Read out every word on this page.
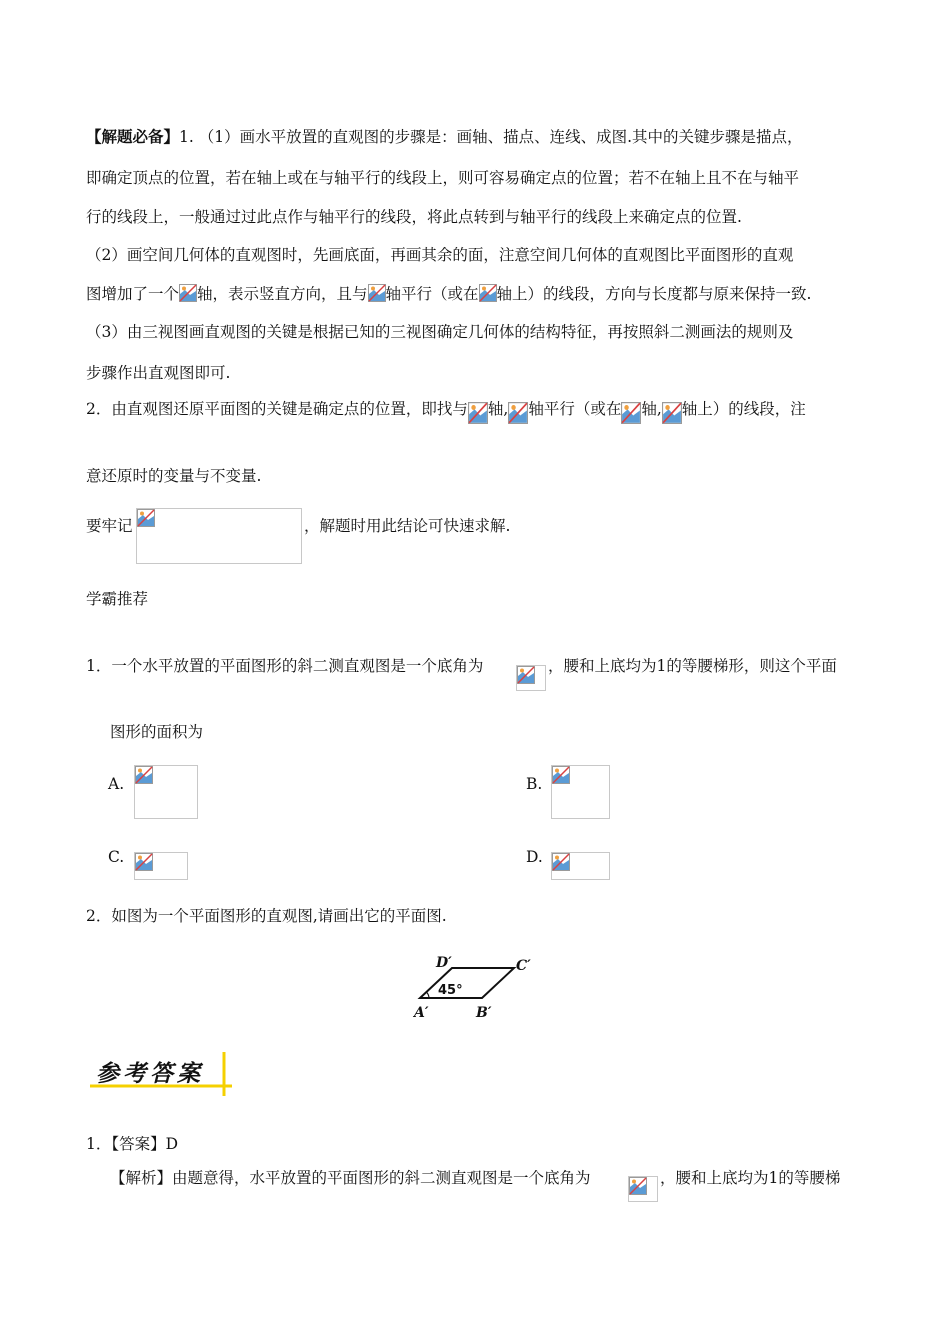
【解题必备】1. （1）画水平放置的直观图的步骤是：画轴、描点、连线、成图.其中的关键步骤是描点，
即确定顶点的位置，若在轴上或在与轴平行的线段上，则可容易确定点的位置；若不在轴上且不在与轴平
行的线段上，一般通过过此点作与轴平行的线段，将此点转到与轴平行的线段上来确定点的位置.
（2）画空间几何体的直观图时，先画底面，再画其余的面，注意空间几何体的直观图比平面图形的直观
图增加了一个 轴，表示竖直方向，且与 轴平行（或在 轴上）的线段，方向与长度都与原来保持一致.
（3）由三视图画直观图的关键是根据已知的三视图确定几何体的结构特征，再按照斜二测画法的规则及
步骤作出直观图即可.
2．由直观图还原平面图的关键是确定点的位置，即找与 轴, 轴平行（或在 轴, 轴上）的线段，注
意还原时的变量与不变量.
要牢记	，解题时用此结论可快速求解.
学霸推荐
1．一个水平放置的平面图形的斜二测直观图是一个底角为	，腰和上底均为1的等腰梯形，则这个平面
图形的面积为
A.	B.
C.	D.
2．如图为一个平面图形的直观图,请画出它的平面图.
45°
D′	C′
A′	B′
参考答案
1．【答案】D
【解析】由题意得，水平放置的平面图形的斜二测直观图是一个底角为	，腰和上底均为1的等腰梯
